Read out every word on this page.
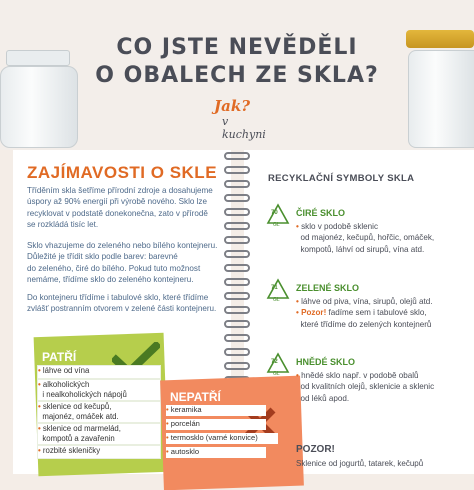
CO JSTE NEVĚDĚLI
O OBALECH ZE SKLA?
Jak?
v kuchyni
ZAJÍMAVOSTI O SKLE
Tříděním skla šetříme přírodní zdroje a dosahujeme
úspory až 90% energií při výrobě nového. Sklo lze
recyklovat v podstatě donekonečna, zato v přírodě
se rozkládá tisíc let.
Sklo vhazujeme do zeleného nebo bílého kontejneru.
Důležité je třídit sklo podle barev: barevné
do zeleného, čiré do bílého. Pokud tuto možnost
nemáme, třídíme sklo do zeleného kontejneru.
Do kontejneru třídíme i tabulové sklo, které třídíme
zvlášť postranním otvorem v zelené části kontejneru.
PATŘÍ
• láhve od vína
• alkoholických
i nealkoholických nápojů
• sklenice od kečupů,
majonéz, omáček atd.
• sklenice od marmelád,
kompotů a zavařenin
• rozbité skleničky
NEPATŘÍ
• keramika
• porcelán
• termosklo (varné konvice)
• autosklo
RECYKLAČNÍ SYMBOLY SKLA
70
GL
ČIRÉ SKLO
• sklo v podobě sklenic
od majonéz, kečupů, hořčic, omáček,
kompotů, láhví od sirupů, vína atd.
71
GL
ZELENÉ SKLO
• láhve od piva, vína, sirupů, olejů atd.
• Pozor! fadíme sem i tabulové sklo,
které třídíme do zelených kontejnerů
72
GL
HNĚDÉ SKLO
• hnědé sklo např. v podobě obalů
od kvalitních olejů, sklenicie a sklenic
od léků apod.
POZOR!
Sklenice od jogurtů, tatarek, kečupů
